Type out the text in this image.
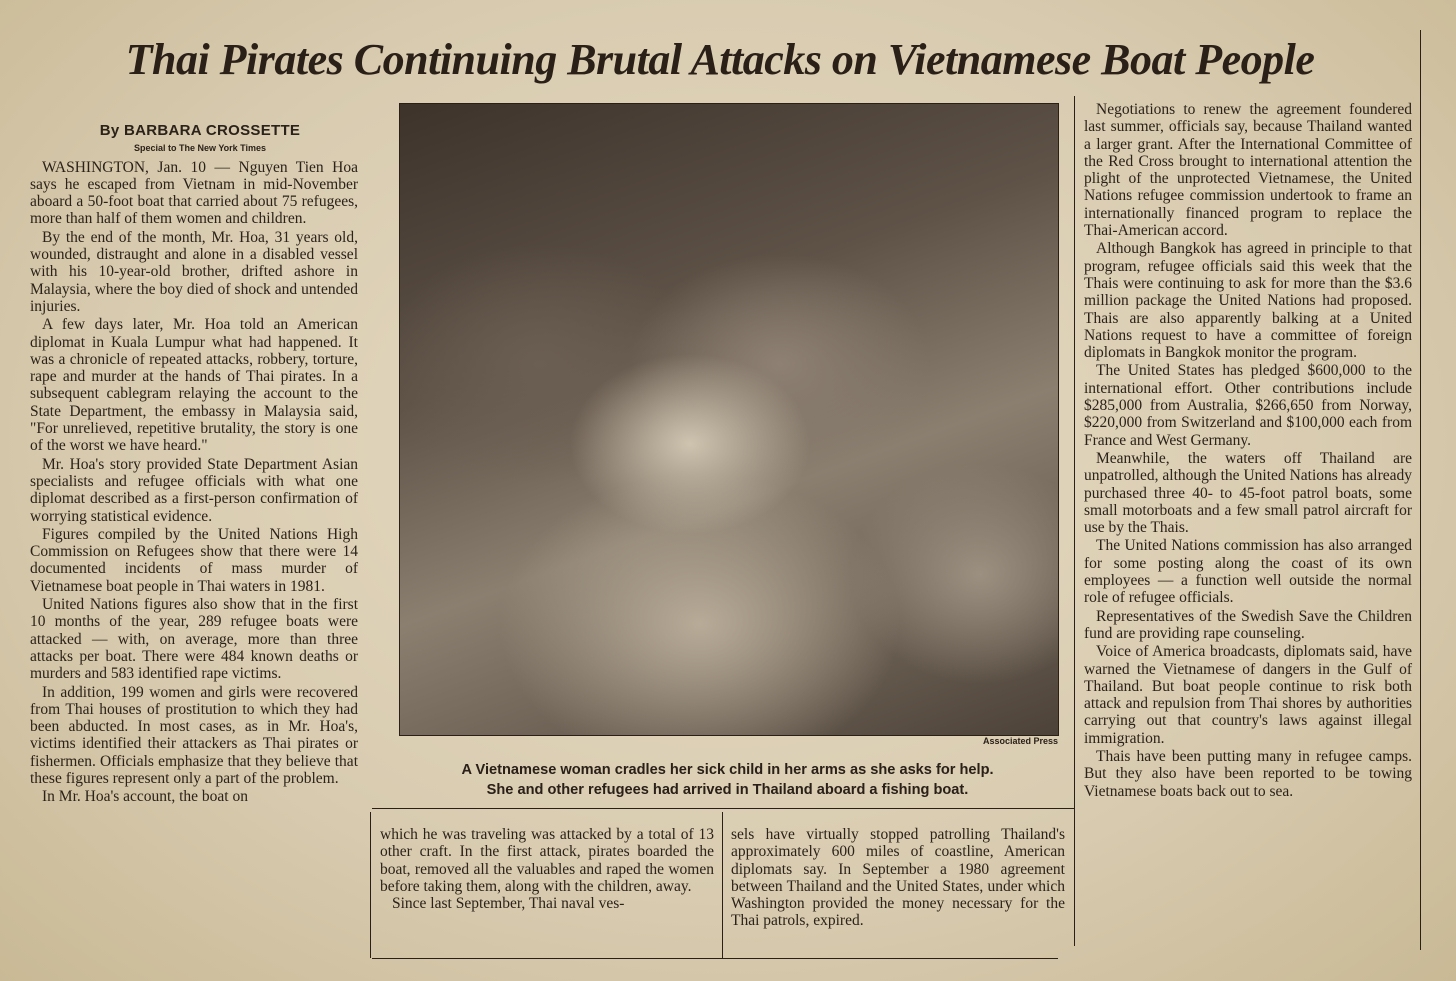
Thai Pirates Continuing Brutal Attacks on Vietnamese Boat People

By BARBARA CROSSETTE

Special to The New York Times

WASHINGTON, Jan. 10 — Nguyen Tien Hoa says he escaped from Vietnam in mid-November aboard a 50-foot boat that carried about 75 refugees, more than half of them women and children.

By the end of the month, Mr. Hoa, 31 years old, wounded, distraught and alone in a disabled vessel with his 10-year-old brother, drifted ashore in Malaysia, where the boy died of shock and untended injuries.

A few days later, Mr. Hoa told an American diplomat in Kuala Lumpur what had happened. It was a chronicle of repeated attacks, robbery, torture, rape and murder at the hands of Thai pirates. In a subsequent cablegram relaying the account to the State Department, the embassy in Malaysia said, "For unrelieved, repetitive brutality, the story is one of the worst we have heard."

Mr. Hoa's story provided State Department Asian specialists and refugee officials with what one diplomat described as a first-person confirmation of worrying statistical evidence.

Figures compiled by the United Nations High Commission on Refugees show that there were 14 documented incidents of mass murder of Vietnamese boat people in Thai waters in 1981.

United Nations figures also show that in the first 10 months of the year, 289 refugee boats were attacked — with, on average, more than three attacks per boat. There were 484 known deaths or murders and 583 identified rape victims.

In addition, 199 women and girls were recovered from Thai houses of prostitution to which they had been abducted. In most cases, as in Mr. Hoa's, victims identified their attackers as Thai pirates or fishermen. Officials emphasize that they believe that these figures represent only a part of the problem.

In Mr. Hoa's account, the boat on

Associated Press
A Vietnamese woman cradles her sick child in her arms as she asks for help.
She and other refugees had arrived in Thailand aboard a fishing boat.

which he was traveling was attacked by a total of 13 other craft. In the first attack, pirates boarded the boat, removed all the valuables and raped the women before taking them, along with the children, away.

Since last September, Thai naval ves-

sels have virtually stopped patrolling Thailand's approximately 600 miles of coastline, American diplomats say. In September a 1980 agreement between Thailand and the United States, under which Washington provided the money necessary for the Thai patrols, expired.

Negotiations to renew the agreement foundered last summer, officials say, because Thailand wanted a larger grant. After the International Committee of the Red Cross brought to international attention the plight of the unprotected Vietnamese, the United Nations refugee commission undertook to frame an internationally financed program to replace the Thai-American accord.

Although Bangkok has agreed in principle to that program, refugee officials said this week that the Thais were continuing to ask for more than the $3.6 million package the United Nations had proposed. Thais are also apparently balking at a United Nations request to have a committee of foreign diplomats in Bangkok monitor the program.

The United States has pledged $600,000 to the international effort. Other contributions include $285,000 from Australia, $266,650 from Norway, $220,000 from Switzerland and $100,000 each from France and West Germany.

Meanwhile, the waters off Thailand are unpatrolled, although the United Nations has already purchased three 40- to 45-foot patrol boats, some small motorboats and a few small patrol aircraft for use by the Thais.

The United Nations commission has also arranged for some posting along the coast of its own employees — a function well outside the normal role of refugee officials.

Representatives of the Swedish Save the Children fund are providing rape counseling.

Voice of America broadcasts, diplomats said, have warned the Vietnamese of dangers in the Gulf of Thailand. But boat people continue to risk both attack and repulsion from Thai shores by authorities carrying out that country's laws against illegal immigration.

Thais have been putting many in refugee camps. But they also have been reported to be towing Vietnamese boats back out to sea.
